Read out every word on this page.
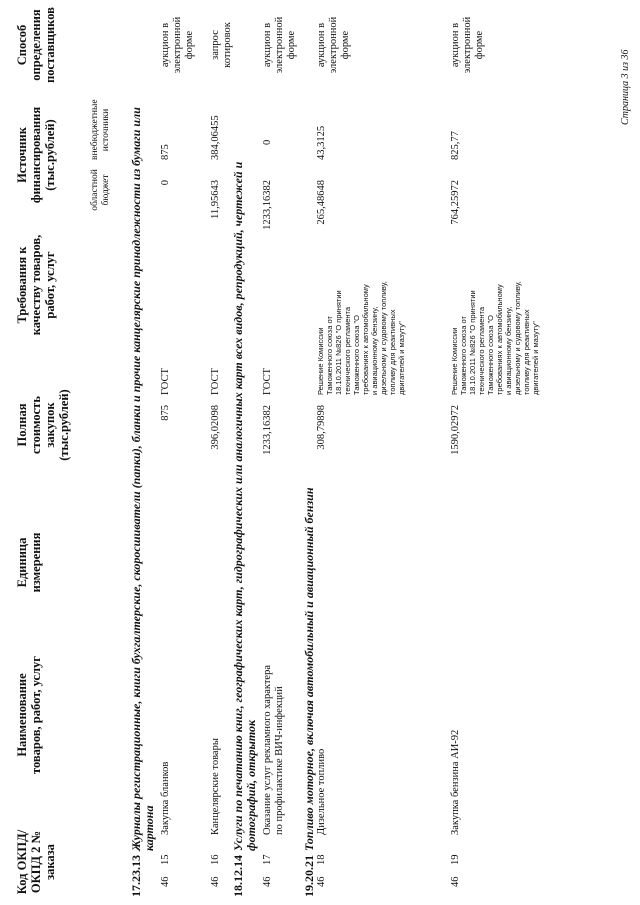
Код ОКПД/ ОКПД 2 № заказа

Наименование товаров, работ, услуг

Единица измерения

Полная стоимость закупок (тыс.рублей)

Требования к качеству товаров, работ, услуг

Источник финансирования (тыс.рублей)

Способ определения поставщиков
областной бюджет
внебюджетные источники
17.23.13Журналы регистрационные, книги бухгалтерские, скоросшиватели (папки), бланки и прочие канцелярские принадлежности из бумаги или картона
46
15
Закупка бланков
875
ГОСТ
0
875
аукцион в электронной форме
46
16
Канцелярские товары
396,02098
ГОСТ
11,95643
384,06455
запрос котировок
18.12.14Услуги по печатанию книг, географических карт, гидрографических или аналогичных карт всех видов, репродукций, чертежей и фотографий, открыток
46
17
Оказание услуг рекламного характера по профилактике ВИЧ-инфекций
1233,16382
ГОСТ
1233,16382
0
аукцион в электронной форме
19.20.21Топливо моторное, включая автомобильный и авиационный бензин
46
18
Дизельное топливо
308,79898
Решение Комиссии Таможенного союза от 18.10.2011 №826 "О принятии технического регламента Таможенного союза "О требованиях к автомобильному и авиационному бензину, дизельному и судовому топливу, топливу для реактивных двигателей и мазуту"
265,48648
43,3125
аукцион в электронной форме
46
19
Закупка бензина АИ-92
1590,02972
Решение Комиссии Таможенного союза от 18.10.2011 №826 "О принятии технического регламента Таможенного союза "О требованиях к автомобильному и авиационному бензину, дизельному и судовому топливу, топливу для реактивных двигателей и мазуту"
764,25972
825,77
аукцион в электронной форме
Страница 3 из 36
